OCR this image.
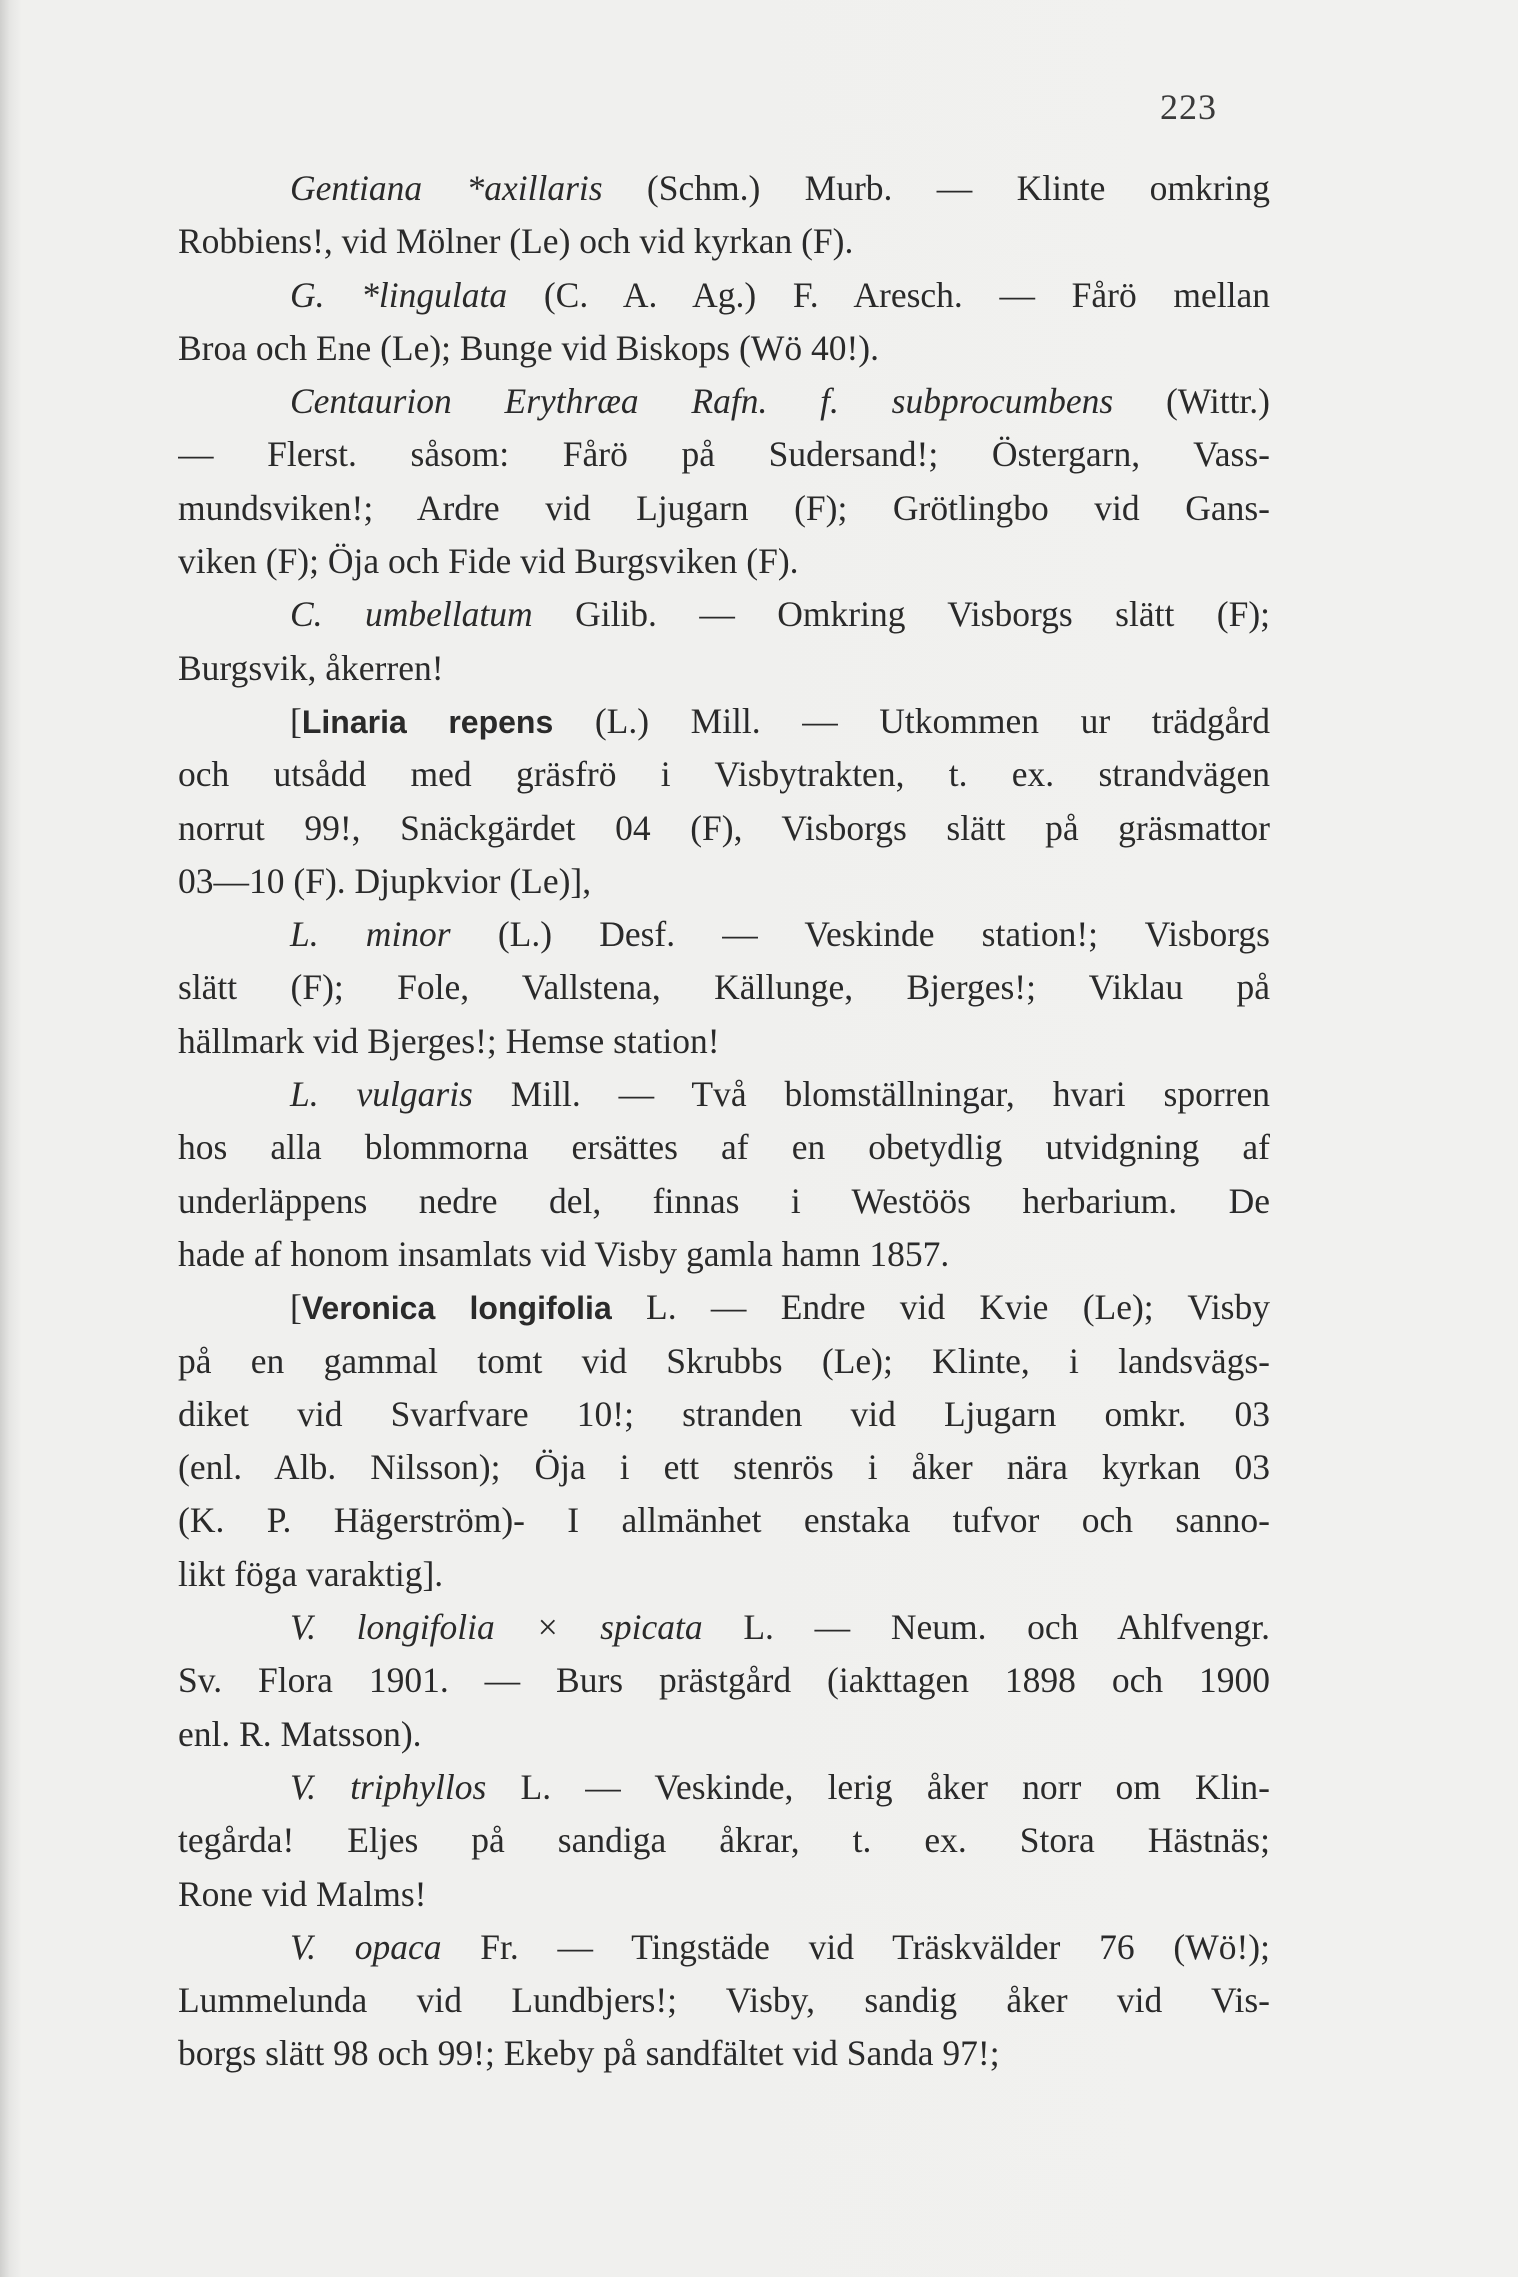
223
Gentiana *axillaris (Schm.) Murb. — Klinte omkring
Robbiens!, vid Mölner (Le) och vid kyrkan (F).
G. *lingulata (C. A. Ag.) F. Aresch. — Fårö mellan
Broa och Ene (Le); Bunge vid Biskops (Wö 40!).
Centaurion Erythræa Rafn. f. subprocumbens (Wittr.)
— Flerst. såsom: Fårö på Sudersand!; Östergarn, Vass-
mundsviken!; Ardre vid Ljugarn (F); Grötlingbo vid Gans-
viken (F); Öja och Fide vid Burgsviken (F).
C. umbellatum Gilib. — Omkring Visborgs slätt (F);
Burgsvik, åkerren!
[Linaria repens (L.) Mill. — Utkommen ur trädgård
och utsådd med gräsfrö i Visbytrakten, t. ex. strandvägen
norrut 99!, Snäckgärdet 04 (F), Visborgs slätt på gräsmattor
03—10 (F). Djupkvior (Le)],
L. minor (L.) Desf. — Veskinde station!; Visborgs
slätt (F); Fole, Vallstena, Källunge, Bjerges!; Viklau på
hällmark vid Bjerges!; Hemse station!
L. vulgaris Mill. — Två blomställningar, hvari sporren
hos alla blommorna ersättes af en obetydlig utvidgning af
underläppens nedre del, finnas i Westöös herbarium. De
hade af honom insamlats vid Visby gamla hamn 1857.
[Veronica longifolia L. — Endre vid Kvie (Le); Visby
på en gammal tomt vid Skrubbs (Le); Klinte, i landsvägs-
diket vid Svarfvare 10!; stranden vid Ljugarn omkr. 03
(enl. Alb. Nilsson); Öja i ett stenrös i åker nära kyrkan 03
(K. P. Hägerström)- I allmänhet enstaka tufvor och sanno-
likt föga varaktig].
V. longifolia × spicata L. — Neum. och Ahlfvengr.
Sv. Flora 1901. — Burs prästgård (iakttagen 1898 och 1900
enl. R. Matsson).
V. triphyllos L. — Veskinde, lerig åker norr om Klin-
tegårda! Eljes på sandiga åkrar, t. ex. Stora Hästnäs;
Rone vid Malms!
V. opaca Fr. — Tingstäde vid Träskvälder 76 (Wö!);
Lummelunda vid Lundbjers!; Visby, sandig åker vid Vis-
borgs slätt 98 och 99!; Ekeby på sandfältet vid Sanda 97!;
